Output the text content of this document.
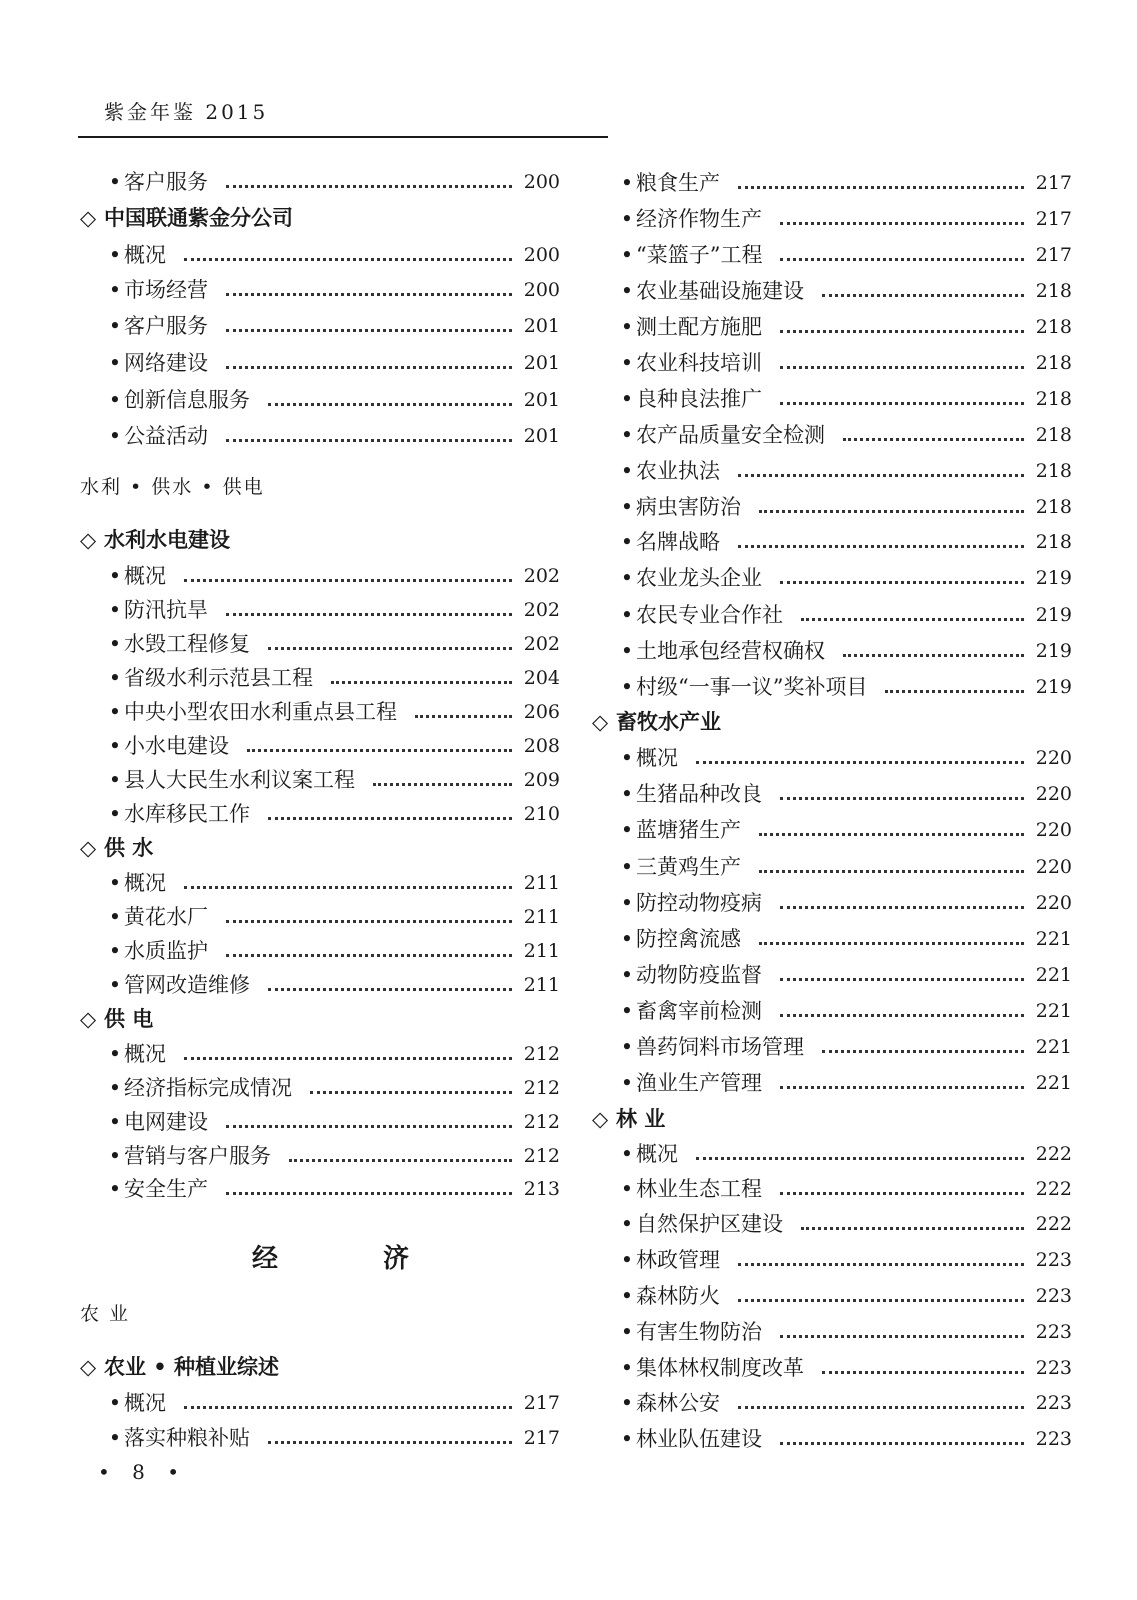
紫金年鉴 2015
• 客户服务	200
◇ 中国联通紫金分公司
• 概况	200
• 市场经营	200
• 客户服务	201
• 网络建设	201
• 创新信息服务	201
• 公益活动	201
水利 • 供水 • 供电
◇ 水利水电建设
• 概况	202
• 防汛抗旱	202
• 水毁工程修复	202
• 省级水利示范县工程	204
• 中央小型农田水利重点县工程	206
• 小水电建设	208
• 县人大民生水利议案工程	209
• 水库移民工作	210
◇ 供 水
• 概况	211
• 黄花水厂	211
• 水质监护	211
• 管网改造维修	211
◇ 供 电
• 概况	212
• 经济指标完成情况	212
• 电网建设	212
• 营销与客户服务	212
• 安全生产	213
农 业
◇ 农业 • 种植业综述
• 概况	217
• 落实种粮补贴	217
• 粮食生产	217
• 经济作物生产	217
• “菜篮子”工程	217
• 农业基础设施建设	218
• 测土配方施肥	218
• 农业科技培训	218
• 良种良法推广	218
• 农产品质量安全检测	218
• 农业执法	218
• 病虫害防治	218
• 名牌战略	218
• 农业龙头企业	219
• 农民专业合作社	219
• 土地承包经营权确权	219
• 村级“一事一议”奖补项目	219
◇ 畜牧水产业
• 概况	220
• 生猪品种改良	220
• 蓝塘猪生产	220
• 三黄鸡生产	220
• 防控动物疫病	220
• 防控禽流感	221
• 动物防疫监督	221
• 畜禽宰前检测	221
• 兽药饲料市场管理	221
• 渔业生产管理	221
◇ 林 业
• 概况	222
• 林业生态工程	222
• 自然保护区建设	222
• 林政管理	223
• 森林防火	223
• 有害生物防治	223
• 集体林权制度改革	223
• 森林公安	223
• 林业队伍建设	223
经 济
• 8 •
